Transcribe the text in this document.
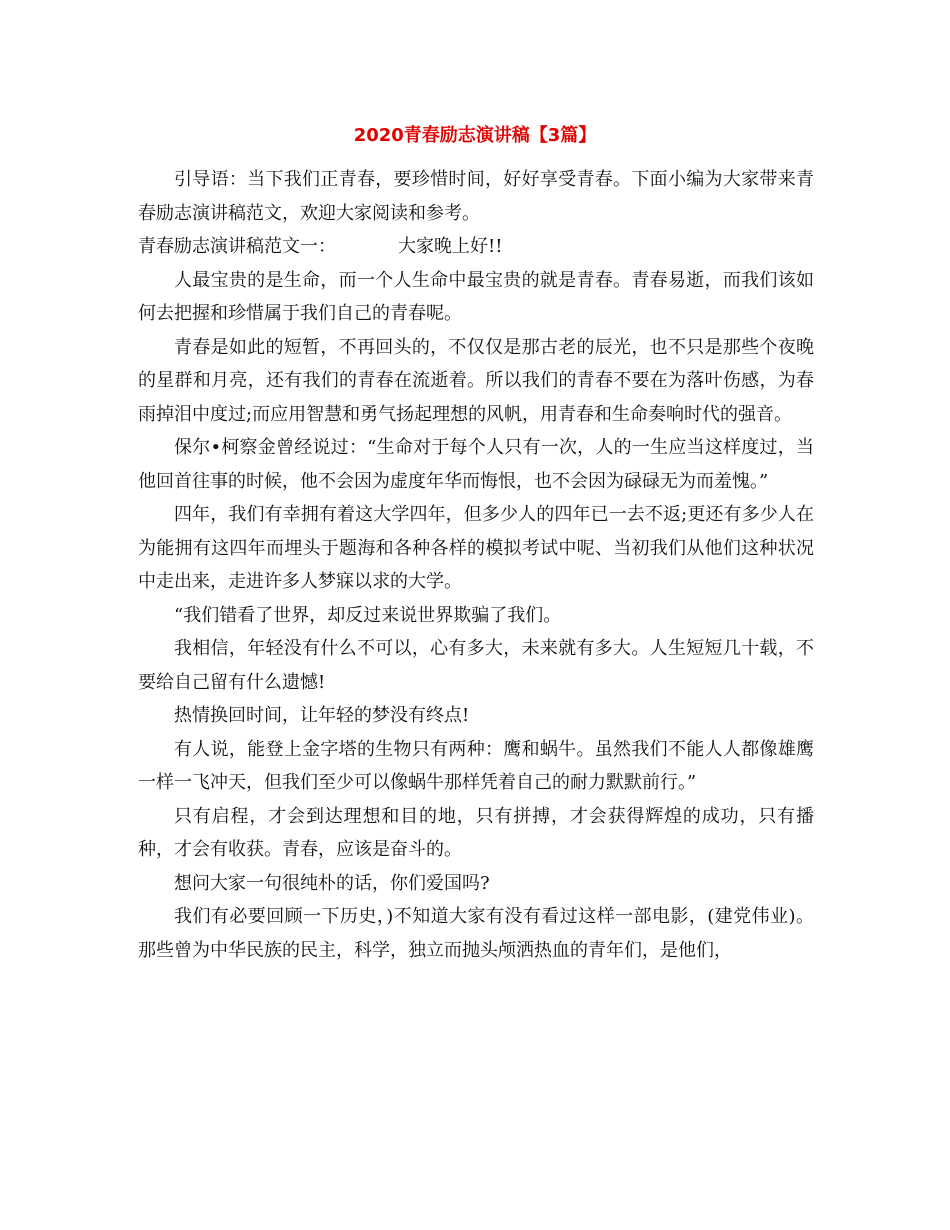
2020青春励志演讲稿【3篇】

引导语：当下我们正青春，要珍惜时间，好好享受青春。下面小编为大家带来青春励志演讲稿范文，欢迎大家阅读和参考。

青春励志演讲稿范文一：	大家晚上好!!

人最宝贵的是生命，而一个人生命中最宝贵的就是青春。青春易逝，而我们该如何去把握和珍惜属于我们自己的青春呢。

青春是如此的短暂，不再回头的，不仅仅是那古老的辰光，也不只是那些个夜晚的星群和月亮，还有我们的青春在流逝着。所以我们的青春不要在为落叶伤感，为春雨掉泪中度过;而应用智慧和勇气扬起理想的风帆，用青春和生命奏响时代的强音。

保尔•柯察金曾经说过：“生命对于每个人只有一次，人的一生应当这样度过，当他回首往事的时候，他不会因为虚度年华而悔恨，也不会因为碌碌无为而羞愧。”

四年，我们有幸拥有着这大学四年，但多少人的四年已一去不返;更还有多少人在为能拥有这四年而埋头于题海和各种各样的模拟考试中呢、当初我们从他们这种状况中走出来，走进许多人梦寐以求的大学。

“我们错看了世界，却反过来说世界欺骗了我们。

我相信，年轻没有什么不可以，心有多大，未来就有多大。人生短短几十载，不要给自己留有什么遗憾!

热情换回时间，让年轻的梦没有终点!

有人说，能登上金字塔的生物只有两种：鹰和蜗牛。虽然我们不能人人都像雄鹰一样一飞冲天，但我们至少可以像蜗牛那样凭着自己的耐力默默前行。”

只有启程，才会到达理想和目的地，只有拼搏，才会获得辉煌的成功，只有播种，才会有收获。青春，应该是奋斗的。

想问大家一句很纯朴的话，你们爱国吗?

我们有必要回顾一下历史，)不知道大家有没有看过这样一部电影，(建党伟业)。那些曾为中华民族的民主，科学，独立而抛头颅洒热血的青年们，是他们，
